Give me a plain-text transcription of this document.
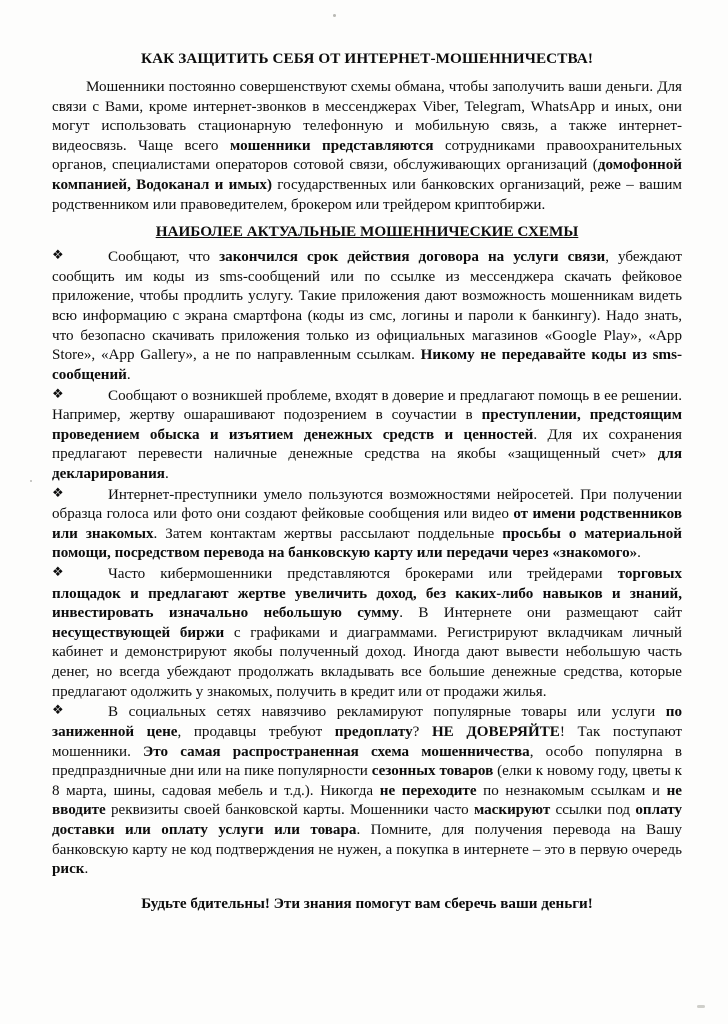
КАК ЗАЩИТИТЬ СЕБЯ ОТ ИНТЕРНЕТ-МОШЕННИЧЕСТВА!

Мошенники постоянно совершенствуют схемы обмана, чтобы заполучить ваши деньги. Для связи с Вами, кроме интернет-звонков в мессенджерах Viber, Telegram, WhatsApp и иных, они могут использовать стационарную телефонную и мобильную связь, а также интернет-видеосвязь. Чаще всего мошенники представляются сотрудниками правоохранительных органов, специалистами операторов сотовой связи, обслуживающих организаций (домофонной компанией, Водоканал и имых) государственных или банковских организаций, реже – вашим родственником или правоведителем, брокером или трейдером криптобиржи.

НАИБОЛЕЕ АКТУАЛЬНЫЕ МОШЕННИЧЕСКИЕ СХЕМЫ

❖	Сообщают, что закончился срок действия договора на услуги связи, убеждают сообщить им коды из sms-сообщений или по ссылке из мессенджера скачать фейковое приложение, чтобы продлить услугу. Такие приложения дают возможность мошенникам видеть всю информацию с экрана смартфона (коды из смс, логины и пароли к банкингу). Надо знать, что безопасно скачивать приложения только из официальных магазинов «Google Play», «App Store», «App Gallery», а не по направленным ссылкам. Никому не передавайте коды из sms-сообщений.

❖	Сообщают о возникшей проблеме, входят в доверие и предлагают помощь в ее решении. Например, жертву ошарашивают подозрением в соучастии в преступлении, предстоящим проведением обыска и изъятием денежных средств и ценностей. Для их сохранения предлагают перевести наличные денежные средства на якобы «защищенный счет» для декларирования.

❖	Интернет-преступники умело пользуются возможностями нейросетей. При получении образца голоса или фото они создают фейковые сообщения или видео от имени родственников или знакомых. Затем контактам жертвы рассылают поддельные просьбы о материальной помощи, посредством перевода на банковскую карту или передачи через «знакомого».

❖	Часто кибермошенники представляются брокерами или трейдерами торговых площадок и предлагают жертве увеличить доход, без каких-либо навыков и знаний, инвестировать изначально небольшую сумму. В Интернете они размещают сайт несуществующей биржи с графиками и диаграммами. Регистрируют вкладчикам личный кабинет и демонстрируют якобы полученный доход. Иногда дают вывести небольшую часть денег, но всегда убеждают продолжать вкладывать все большие денежные средства, которые предлагают одолжить у знакомых, получить в кредит или от продажи жилья.

❖	В социальных сетях навязчиво рекламируют популярные товары или услуги по заниженной цене, продавцы требуют предоплату? НЕ ДОВЕРЯЙТЕ! Так поступают мошенники. Это самая распространенная схема мошенничества, особо популярна в предпраздничные дни или на пике популярности сезонных товаров (елки к новому году, цветы к 8 марта, шины, садовая мебель и т.д.). Никогда не переходите по незнакомым ссылкам и не вводите реквизиты своей банковской карты. Мошенники часто маскируют ссылки под оплату доставки или оплату услуги или товара. Помните, для получения перевода на Вашу банковскую карту не код подтверждения не нужен, а покупка в интернете – это в первую очередь риск.

Будьте бдительны! Эти знания помогут вам сберечь ваши деньги!
